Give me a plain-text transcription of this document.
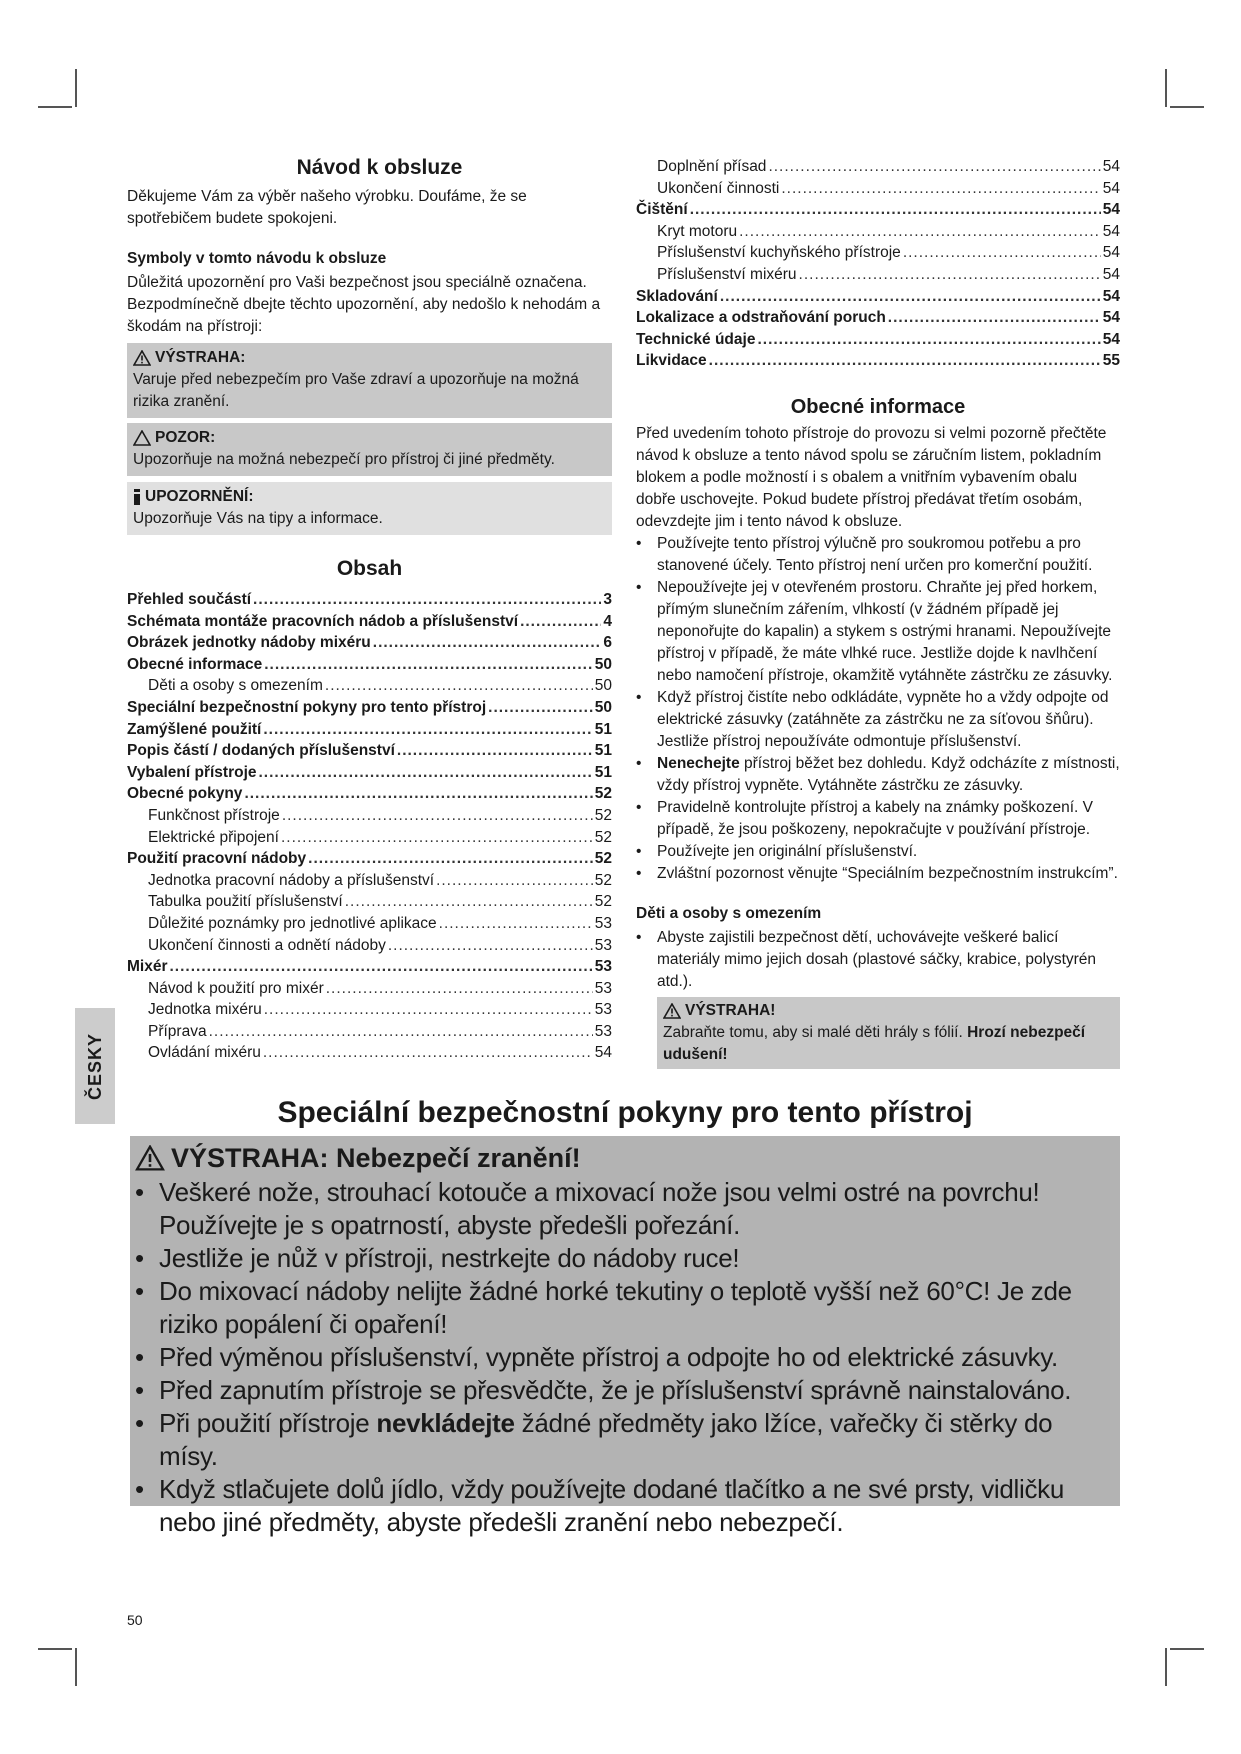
Návod k obsluze

Děkujeme Vám za výběr našeho výrobku. Doufáme, že se spotřebičem budete spokojeni.

Symboly v tomto návodu k obsluze

Důležitá upozornění pro Vaši bezpečnost jsou speciálně označena. Bezpodmínečně dbejte těchto upozornění, aby nedošlo k nehodám a škodám na přístroji:

VÝSTRAHA:
Varuje před nebezpečím pro Vaše zdraví a upozorňuje na možná rizika zranění.
POZOR:
Upozorňuje na možná nebezpečí pro přístroj či jiné předměty.
UPOZORNĚNÍ:
Upozorňuje Vás na tipy a informace.
Obsah
Přehled součástí .....	3
Schémata montáže pracovních nádob a příslušenství .....	4
Obrázek jednotky nádoby mixéru .....	6
Obecné informace .....	50
Děti a osoby s omezením .....	50
Speciální bezpečnostní pokyny pro tento přístroj .....	50
Zamýšlené použití .....	51
Popis částí / dodaných příslušenství .....	51
Vybalení přístroje .....	51
Obecné pokyny .....	52
Funkčnost přístroje .....	52
Elektrické připojení .....	52
Použití pracovní nádoby .....	52
Jednotka pracovní nádoby a příslušenství .....	52
Tabulka použití příslušenství .....	52
Důležité poznámky pro jednotlivé aplikace .....	53
Ukončení činnosti a odnětí nádoby .....	53
Mixér .....	53
Návod k použití pro mixér .....	53
Jednotka mixéru .....	53
Příprava .....	53
Ovládání mixéru .....	54
Doplnění přísad .....	54
Ukončení činnosti .....	54
Čištění .....	54
Kryt motoru .....	54
Příslušenství kuchyňského přístroje .....	54
Příslušenství mixéru .....	54
Skladování .....	54
Lokalizace a odstraňování poruch .....	54
Technické údaje .....	54
Likvidace .....	55
Obecné informace

Před uvedením tohoto přístroje do provozu si velmi pozorně přečtěte návod k obsluze a tento návod spolu se záručním listem, pokladním blokem a podle možností i s obalem a vnitřním vybavením obalu dobře uschovejte. Pokud budete přístroj předávat třetím osobám, odevzdejte jim i tento návod k obsluze.

• Používejte tento přístroj výlučně pro soukromou potřebu a pro stanovené účely. Tento přístroj není určen pro komerční použití.
• Nepoužívejte jej v otevřeném prostoru. Chraňte jej před horkem, přímým slunečním zářením, vlhkostí (v žádném případě jej neponořujte do kapalin) a stykem s ostrými hranami. Nepoužívejte přístroj v případě, že máte vlhké ruce. Jestliže dojde k navlhčení nebo namočení přístroje, okamžitě vytáhněte zástrčku ze zásuvky.
• Když přístroj čistíte nebo odkládáte, vypněte ho a vždy odpojte od elektrické zásuvky (zatáhněte za zástrčku ne za síťovou šňůru). Jestliže přístroj nepoužíváte odmontuje příslušenství.
• Nenechejte přístroj běžet bez dohledu. Když odcházíte z místnosti, vždy přístroj vypněte. Vytáhněte zástrčku ze zásuvky.
• Pravidelně kontrolujte přístroj a kabely na známky poškození. V případě, že jsou poškozeny, nepokračujte v používání přístroje.
• Používejte jen originální příslušenství.
• Zvláštní pozornost věnujte “Speciálním bezpečnostním instrukcím”.

Děti a osoby s omezením

• Abyste zajistili bezpečnost dětí, uchovávejte veškeré balicí materiály mimo jejich dosah (plastové sáčky, krabice, polystyrén atd.).
VÝSTRAHA!
Zabraňte tomu, aby si malé děti hrály s fólií. Hrozí nebezpečí udušení!
ČESKY
Speciální bezpečnostní pokyny pro tento přístroj
VÝSTRAHA: Nebezpečí zranění!
• Veškeré nože, strouhací kotouče a mixovací nože jsou velmi ostré na povrchu! Používejte je s opatrností, abyste předešli pořezání.
• Jestliže je nůž v přístroji, nestrkejte do nádoby ruce!
• Do mixovací nádoby nelijte žádné horké tekutiny o teplotě vyšší než 60°C! Je zde riziko popálení či opaření!
• Před výměnou příslušenství, vypněte přístroj a odpojte ho od elektrické zásuvky.
• Před zapnutím přístroje se přesvědčte, že je příslušenství správně nainstalováno.
• Při použití přístroje nevkládejte žádné předměty jako lžíce, vařečky či stěrky do mísy.
• Když stlačujete dolů jídlo, vždy používejte dodané tlačítko a ne své prsty, vidličku nebo jiné předměty, abyste předešli zranění nebo nebezpečí.
50
